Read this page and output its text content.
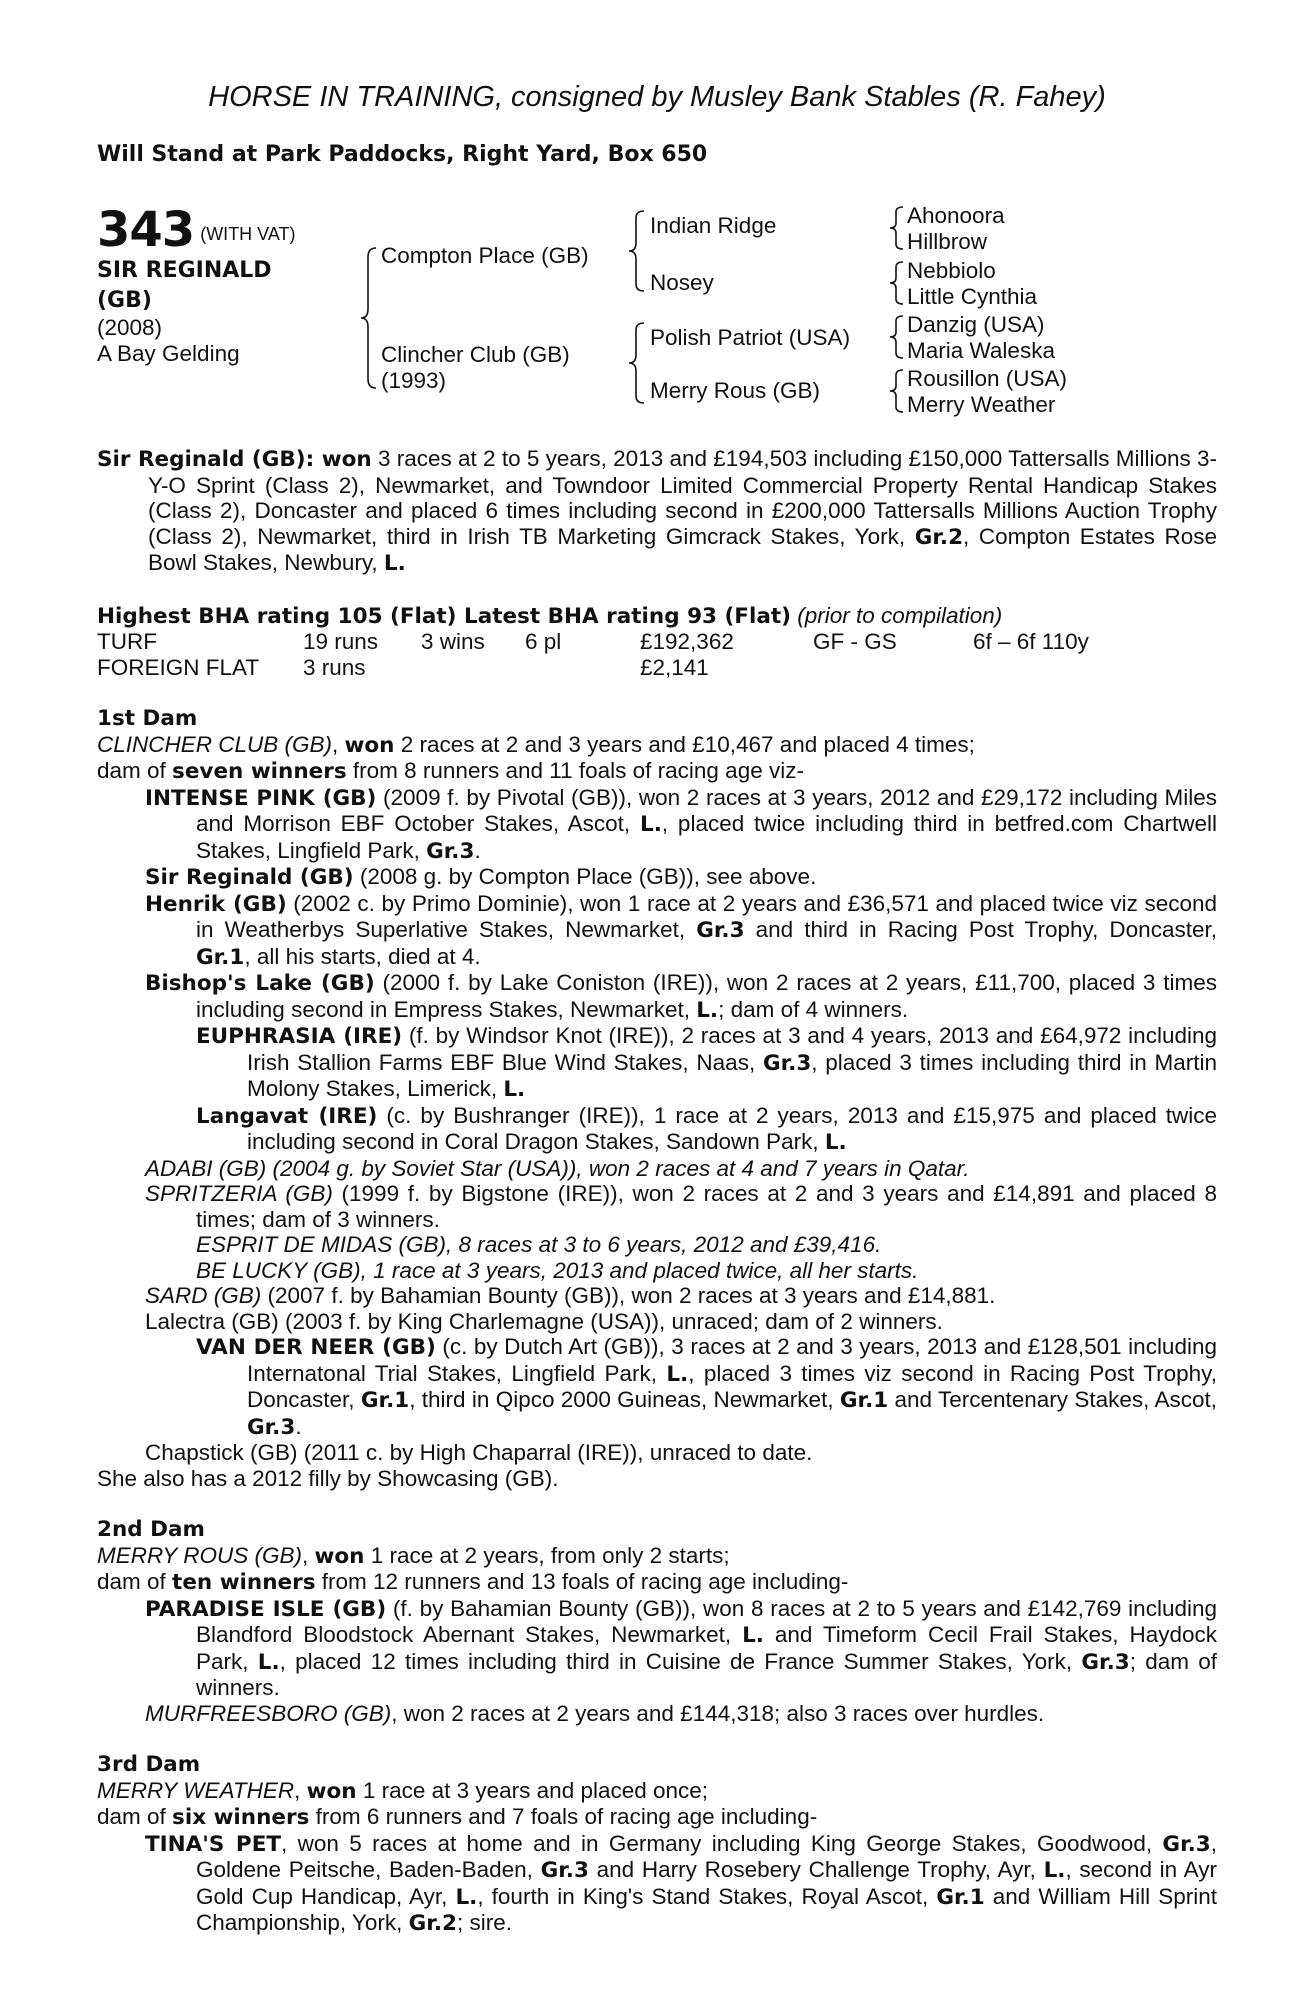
HORSE IN TRAINING, consigned by Musley Bank Stables (R. Fahey)
Will Stand at Park Paddocks, Right Yard, Box 650
343 $^{(WITH VAT)}$
SIR REGINALD
(GB)
(2008)
A Bay Gelding
Compton Place (GB)
Clincher Club (GB)
(1993)
Indian Ridge
Nosey
Polish Patriot (USA)
Merry Rous (GB)
Ahonoora
Hillbrow
Nebbiolo
Little Cynthia
Danzig (USA)
Maria Waleska
Rousillon (USA)
Merry Weather

Sir Reginald (GB): won 3 races at 2 to 5 years, 2013 and £194,503 including £150,000 Tattersalls Millions 3-Y-O Sprint (Class 2), Newmarket, and Towndoor Limited Commercial Property Rental Handicap Stakes (Class 2), Doncaster and placed 6 times including second in £200,000 Tattersalls Millions Auction Trophy (Class 2), Newmarket, third in Irish TB Marketing Gimcrack Stakes, York, Gr.2, Compton Estates Rose Bowl Stakes, Newbury, L.

Highest BHA rating 105 (Flat) Latest BHA rating 93 (Flat) (prior to compilation)

TURF	19 runs 3 wins 6 pl	£192,362	GF - GS	6f – 6f 110y
FOREIGN FLAT 3 runs	£2,141
1st Dam

CLINCHER CLUB (GB), won 2 races at 2 and 3 years and £10,467 and placed 4 times;

dam of seven winners from 8 runners and 11 foals of racing age viz-

INTENSE PINK (GB) (2009 f. by Pivotal (GB)), won 2 races at 3 years, 2012 and £29,172 including Miles and Morrison EBF October Stakes, Ascot, L., placed twice including third in betfred.com Chartwell Stakes, Lingfield Park, Gr.3.

Sir Reginald (GB) (2008 g. by Compton Place (GB)), see above.

Henrik (GB) (2002 c. by Primo Dominie), won 1 race at 2 years and £36,571 and placed twice viz second in Weatherbys Superlative Stakes, Newmarket, Gr.3 and third in Racing Post Trophy, Doncaster, Gr.1, all his starts, died at 4.

Bishop's Lake (GB) (2000 f. by Lake Coniston (IRE)), won 2 races at 2 years, £11,700, placed 3 times including second in Empress Stakes, Newmarket, L.; dam of 4 winners.

EUPHRASIA (IRE) (f. by Windsor Knot (IRE)), 2 races at 3 and 4 years, 2013 and £64,972 including Irish Stallion Farms EBF Blue Wind Stakes, Naas, Gr.3, placed 3 times including third in Martin Molony Stakes, Limerick, L.

Langavat (IRE) (c. by Bushranger (IRE)), 1 race at 2 years, 2013 and £15,975 and placed twice including second in Coral Dragon Stakes, Sandown Park, L.

ADABI (GB) (2004 g. by Soviet Star (USA)), won 2 races at 4 and 7 years in Qatar.

SPRITZERIA (GB) (1999 f. by Bigstone (IRE)), won 2 races at 2 and 3 years and £14,891 and placed 8 times; dam of 3 winners.

ESPRIT DE MIDAS (GB), 8 races at 3 to 6 years, 2012 and £39,416.

BE LUCKY (GB), 1 race at 3 years, 2013 and placed twice, all her starts.

SARD (GB) (2007 f. by Bahamian Bounty (GB)), won 2 races at 3 years and £14,881.

Lalectra (GB) (2003 f. by King Charlemagne (USA)), unraced; dam of 2 winners.

VAN DER NEER (GB) (c. by Dutch Art (GB)), 3 races at 2 and 3 years, 2013 and £128,501 including Internatonal Trial Stakes, Lingfield Park, L., placed 3 times viz second in Racing Post Trophy, Doncaster, Gr.1, third in Qipco 2000 Guineas, Newmarket, Gr.1 and Tercentenary Stakes, Ascot, Gr.3.

Chapstick (GB) (2011 c. by High Chaparral (IRE)), unraced to date.

She also has a 2012 filly by Showcasing (GB).

2nd Dam

MERRY ROUS (GB), won 1 race at 2 years, from only 2 starts;

dam of ten winners from 12 runners and 13 foals of racing age including-

PARADISE ISLE (GB) (f. by Bahamian Bounty (GB)), won 8 races at 2 to 5 years and £142,769 including Blandford Bloodstock Abernant Stakes, Newmarket, L. and Timeform Cecil Frail Stakes, Haydock Park, L., placed 12 times including third in Cuisine de France Summer Stakes, York, Gr.3; dam of winners.

MURFREESBORO (GB), won 2 races at 2 years and £144,318; also 3 races over hurdles.

3rd Dam

MERRY WEATHER, won 1 race at 3 years and placed once;

dam of six winners from 6 runners and 7 foals of racing age including-

TINA'S PET, won 5 races at home and in Germany including King George Stakes, Goodwood, Gr.3, Goldene Peitsche, Baden-Baden, Gr.3 and Harry Rosebery Challenge Trophy, Ayr, L., second in Ayr Gold Cup Handicap, Ayr, L., fourth in King's Stand Stakes, Royal Ascot, Gr.1 and William Hill Sprint Championship, York, Gr.2; sire.
